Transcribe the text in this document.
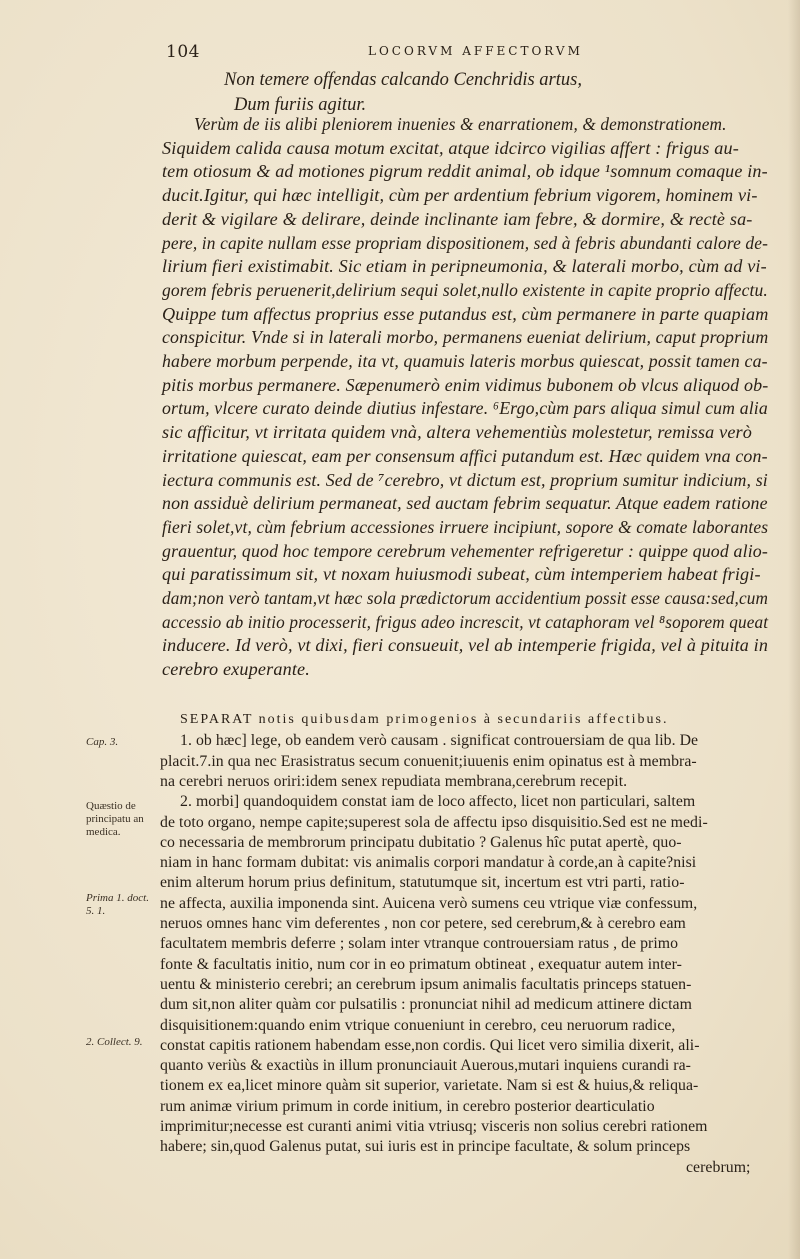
104	LOCORVM AFFECTORVM
Non temere offendas calcando Cenchridis artus,
Dum furiis agitur.
Verùm de iis alibi pleniorem inuenies & enarrationem, & demonstrationem.
Siquidem calida causa motum excitat, atque idcirco vigilias affert : frigus au-
tem otiosum & ad motiones pigrum reddit animal, ob idque ¹somnum comaque in-
ducit.Igitur, qui hæc intelligit, cùm per ardentium febrium vigorem, hominem vi-
derit & vigilare & delirare, deinde inclinante iam febre, & dormire, & rectè sa-
pere, in capite nullam esse propriam dispositionem, sed à febris abundanti calore de-
lirium fieri existimabit. Sic etiam in peripneumonia, & laterali morbo, cùm ad vi-
gorem febris peruenerit,delirium sequi solet,nullo existente in capite proprio affectu.
Quippe tum affectus proprius esse putandus est, cùm permanere in parte quapiam
conspicitur. Vnde si in laterali morbo, permanens eueniat delirium, caput proprium
habere morbum perpende, ita vt, quamuis lateris morbus quiescat, possit tamen ca-
pitis morbus permanere. Sæpenumerò enim vidimus bubonem ob vlcus aliquod ob-
ortum, vlcere curato deinde diutius infestare. ⁶Ergo,cùm pars aliqua simul cum alia
sic afficitur, vt irritata quidem vnà, altera vehementiùs molestetur, remissa verò
irritatione quiescat, eam per consensum affici putandum est. Hæc quidem vna con-
iectura communis est. Sed de ⁷cerebro, vt dictum est, proprium sumitur indicium, si
non assiduè delirium permaneat, sed auctam febrim sequatur. Atque eadem ratione
fieri solet,vt, cùm febrium accessiones irruere incipiunt, sopore & comate laborantes
grauentur, quod hoc tempore cerebrum vehementer refrigeretur : quippe quod alio-
qui paratissimum sit, vt noxam huiusmodi subeat, cùm intemperiem habeat frigi-
dam;non verò tantam,vt hæc sola prædictorum accidentium possit esse causa:sed,cum
accessio ab initio processerit, frigus adeo increscit, vt cataphoram vel ⁸soporem queat
inducere. Id verò, vt dixi, fieri consueuit, vel ab intemperie frigida, vel à pituita in
cerebro exuperante.
SEPARAT notis quibusdam primogenios à secundariis affectibus.
1. ob hæc] lege, ob eandem verò causam . significat controuersiam de qua lib. De
placit.7.in qua nec Erasistratus secum conuenit;iuuenis enim opinatus est à membra-
na cerebri neruos oriri:idem senex repudiata membrana,cerebrum recepit.
2. morbi] quandoquidem constat iam de loco affecto, licet non particulari, saltem
de toto organo, nempe capite;superest sola de affectu ipso disquisitio.Sed est ne medi-
co necessaria de membrorum principatu dubitatio ? Galenus hîc putat apertè, quo-
niam in hanc formam dubitat: vis animalis corpori mandatur à corde,an à capite?nisi
enim alterum horum prius definitum, statutumque sit, incertum est vtri parti, ratio-
ne affecta, auxilia imponenda sint. Auicena verò sumens ceu vtrique viæ confessum,
neruos omnes hanc vim deferentes , non cor petere, sed cerebrum,& à cerebro eam
facultatem membris deferre ; solam inter vtranque controuersiam ratus , de primo
fonte & facultatis initio, num cor in eo primatum obtineat , exequatur autem inter-
uentu & ministerio cerebri; an cerebrum ipsum animalis facultatis princeps statuen-
dum sit,non aliter quàm cor pulsatilis : pronunciat nihil ad medicum attinere dictam
disquisitionem:quando enim vtrique conueniunt in cerebro, ceu neruorum radice,
constat capitis rationem habendam esse,non cordis. Qui licet vero similia dixerit, ali-
quanto veriùs & exactiùs in illum pronunciauit Auerous,mutari inquiens curandi ra-
tionem ex ea,licet minore quàm sit superior, varietate. Nam si est & huius,& reliqua-
rum animæ virium primum in corde initium, in cerebro posterior dearticulatio
imprimitur;necesse est curanti animi vitia vtriusq; visceris non solius cerebri rationem
habere; sin,quod Galenus putat, sui iuris est in principe facultate, & solum princeps
cerebrum;
Cap. 3.
Quæstio de principatu an medica.
Prima 1. doct. 5. 1.
2. Collect. 9.
